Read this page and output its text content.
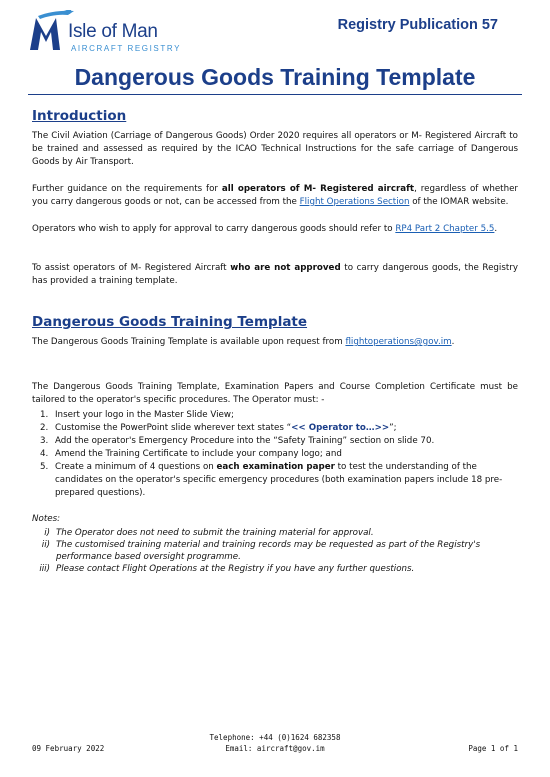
Isle of Man
AIRCRAFT REGISTRY
Registry Publication 57
Dangerous Goods Training Template
Introduction

The Civil Aviation (Carriage of Dangerous Goods) Order 2020 requires all operators or M- Registered Aircraft to be trained and assessed as required by the ICAO Technical Instructions for the safe carriage of Dangerous Goods by Air Transport.

Further guidance on the requirements for all operators of M- Registered aircraft, regardless of whether you carry dangerous goods or not, can be accessed from the Flight Operations Section of the IOMAR website.

Operators who wish to apply for approval to carry dangerous goods should refer to RP4 Part 2 Chapter 5.5.

To assist operators of M- Registered Aircraft who are not approved to carry dangerous goods, the Registry has provided a training template.

Dangerous Goods Training Template

The Dangerous Goods Training Template is available upon request from flightoperations@gov.im.

The Dangerous Goods Training Template, Examination Papers and Course Completion Certificate must be tailored to the operator's specific procedures. The Operator must: -

1. Insert your logo in the Master Slide View;
2. Customise the PowerPoint slide wherever text states “<< Operator to…>>”;
3. Add the operator's Emergency Procedure into the “Safety Training” section on slide 70.
4. Amend the Training Certificate to include your company logo; and
5. Create a minimum of 4 questions on each examination paper to test the understanding of the candidates on the operator's specific emergency procedures (both examination papers include 18 pre-prepared questions).
Notes:
i) The Operator does not need to submit the training material for approval.
ii) The customised training material and training records may be requested as part of the Registry's performance based oversight programme.
iii) Please contact Flight Operations at the Registry if you have any further questions.
Telephone: +44 (0)1624 682358
09 February 2022	Email: aircraft@gov.im	Page 1 of 1
